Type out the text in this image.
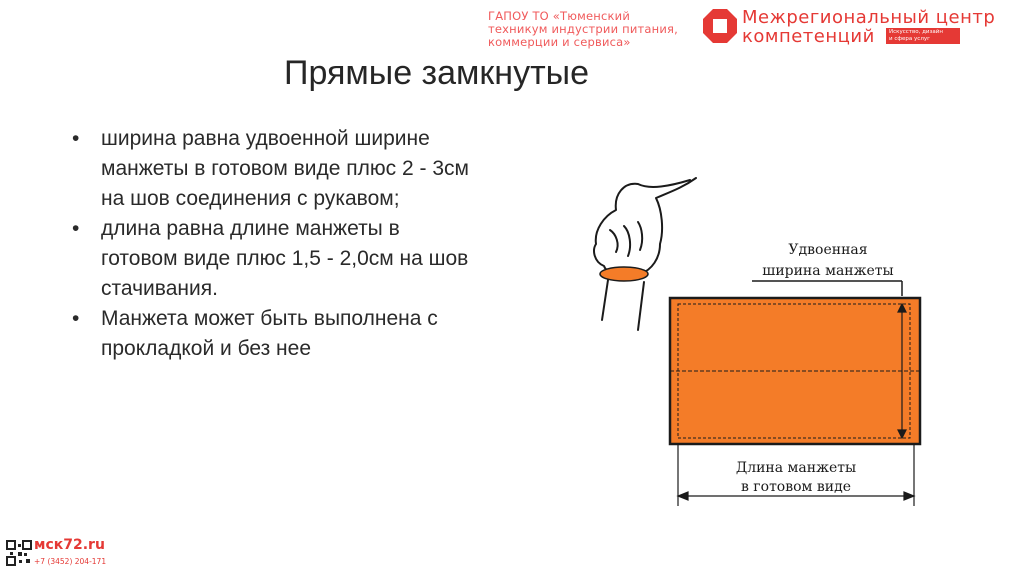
ГАПОУ ТО «Тюменский
техникум индустрии питания,
коммерции и сервиса»
Межрегиональный центр
компетенций	Искусство, дизайн
и сфера услуг
Прямые замкнутые
• ширина равна удвоенной ширине
манжеты в готовом виде плюс 2 - 3см
на шов соединения с рукавом;
• длина равна длине манжеты в
готовом виде плюс 1,5 - 2,0см на шов
стачивания.
• Манжета может быть выполнена с
прокладкой и без нее
Удвоенная
ширина манжеты
Длина манжеты
в готовом виде
мск72.ru
+7 (3452) 204-171
